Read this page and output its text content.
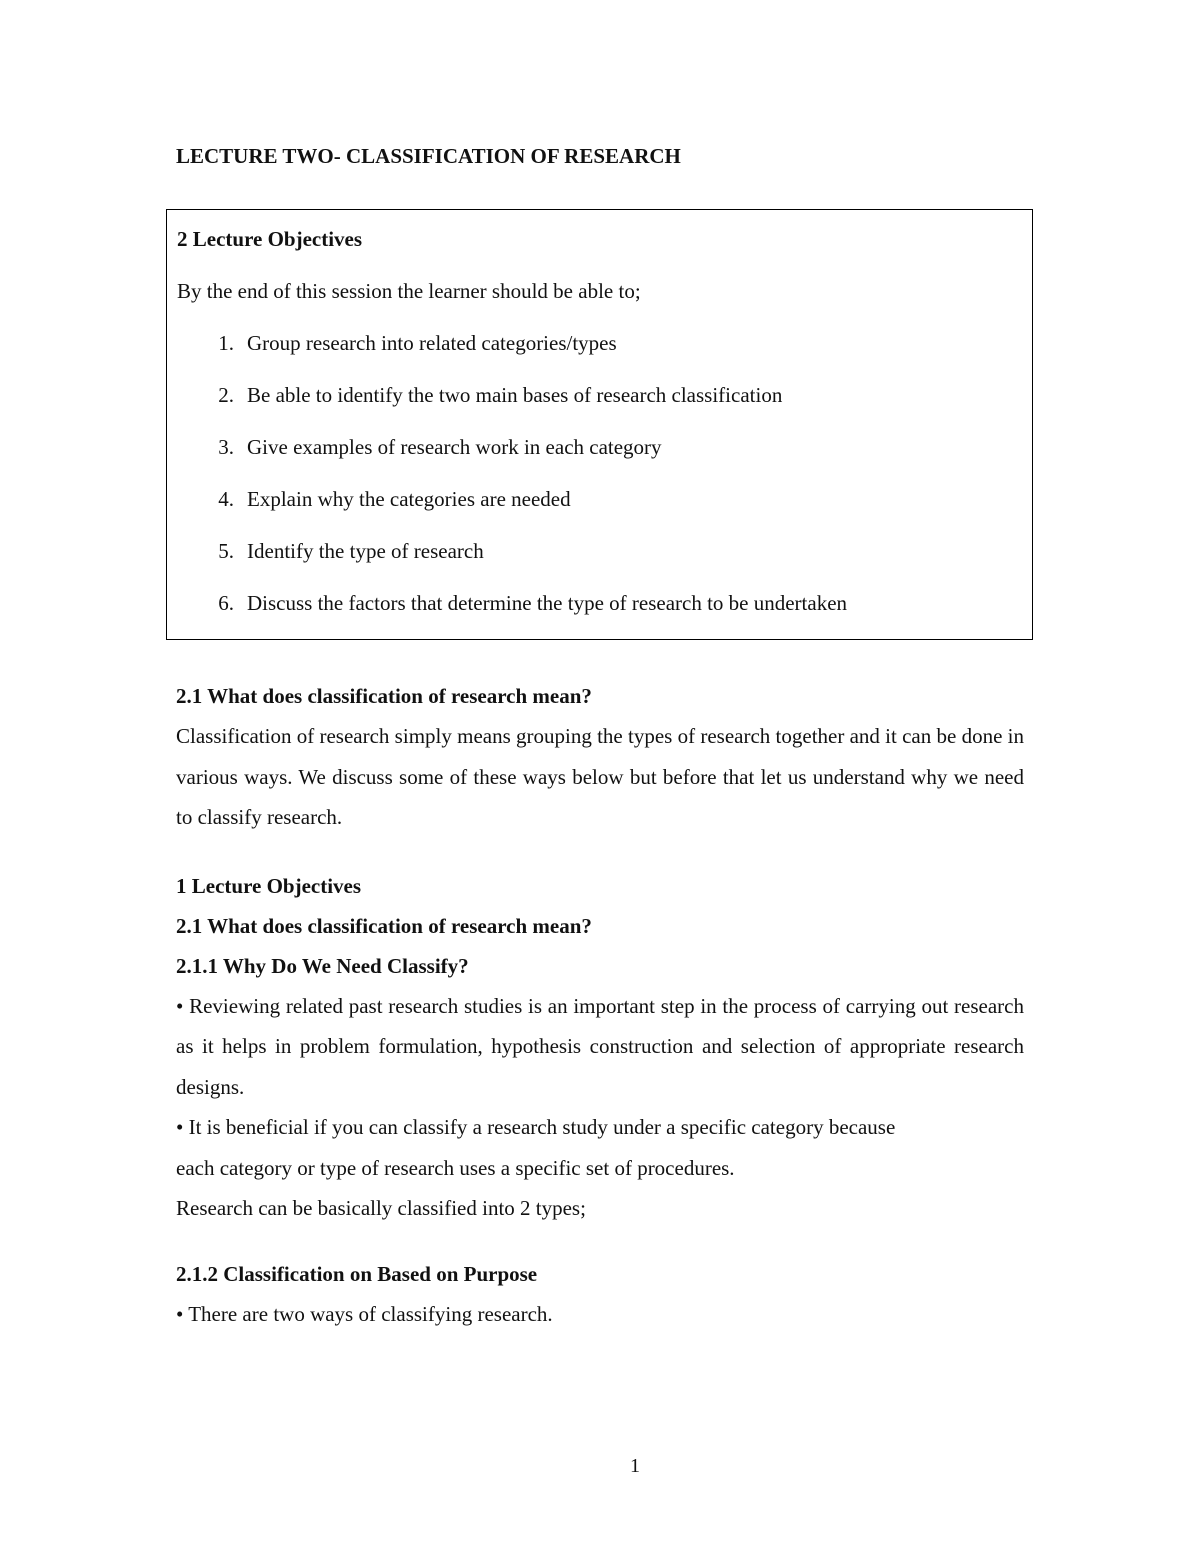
LECTURE TWO- CLASSIFICATION OF RESEARCH
2 Lecture Objectives
By the end of this session the learner should be able to;
1. Group research into related categories/types
2. Be able to identify the two main bases of research classification
3. Give examples of research work in each category
4. Explain why the categories are needed
5. Identify the type of research
6. Discuss the factors that determine the type of research to be undertaken
2.1 What does classification of research mean?

Classification of research simply means grouping the types of research together and it can be done in various ways. We discuss some of these ways below but before that let us understand why we need to classify research.

1 Lecture Objectives
2.1 What does classification of research mean?
2.1.1 Why Do We Need Classify?

• Reviewing related past research studies is an important step in the process of carrying out research as it helps in problem formulation, hypothesis construction and selection of appropriate research designs.

• It is beneficial if you can classify a research study under a specific category because

each category or type of research uses a specific set of procedures.

Research can be basically classified into 2 types;

2.1.2 Classification on Based on Purpose

• There are two ways of classifying research.

1
